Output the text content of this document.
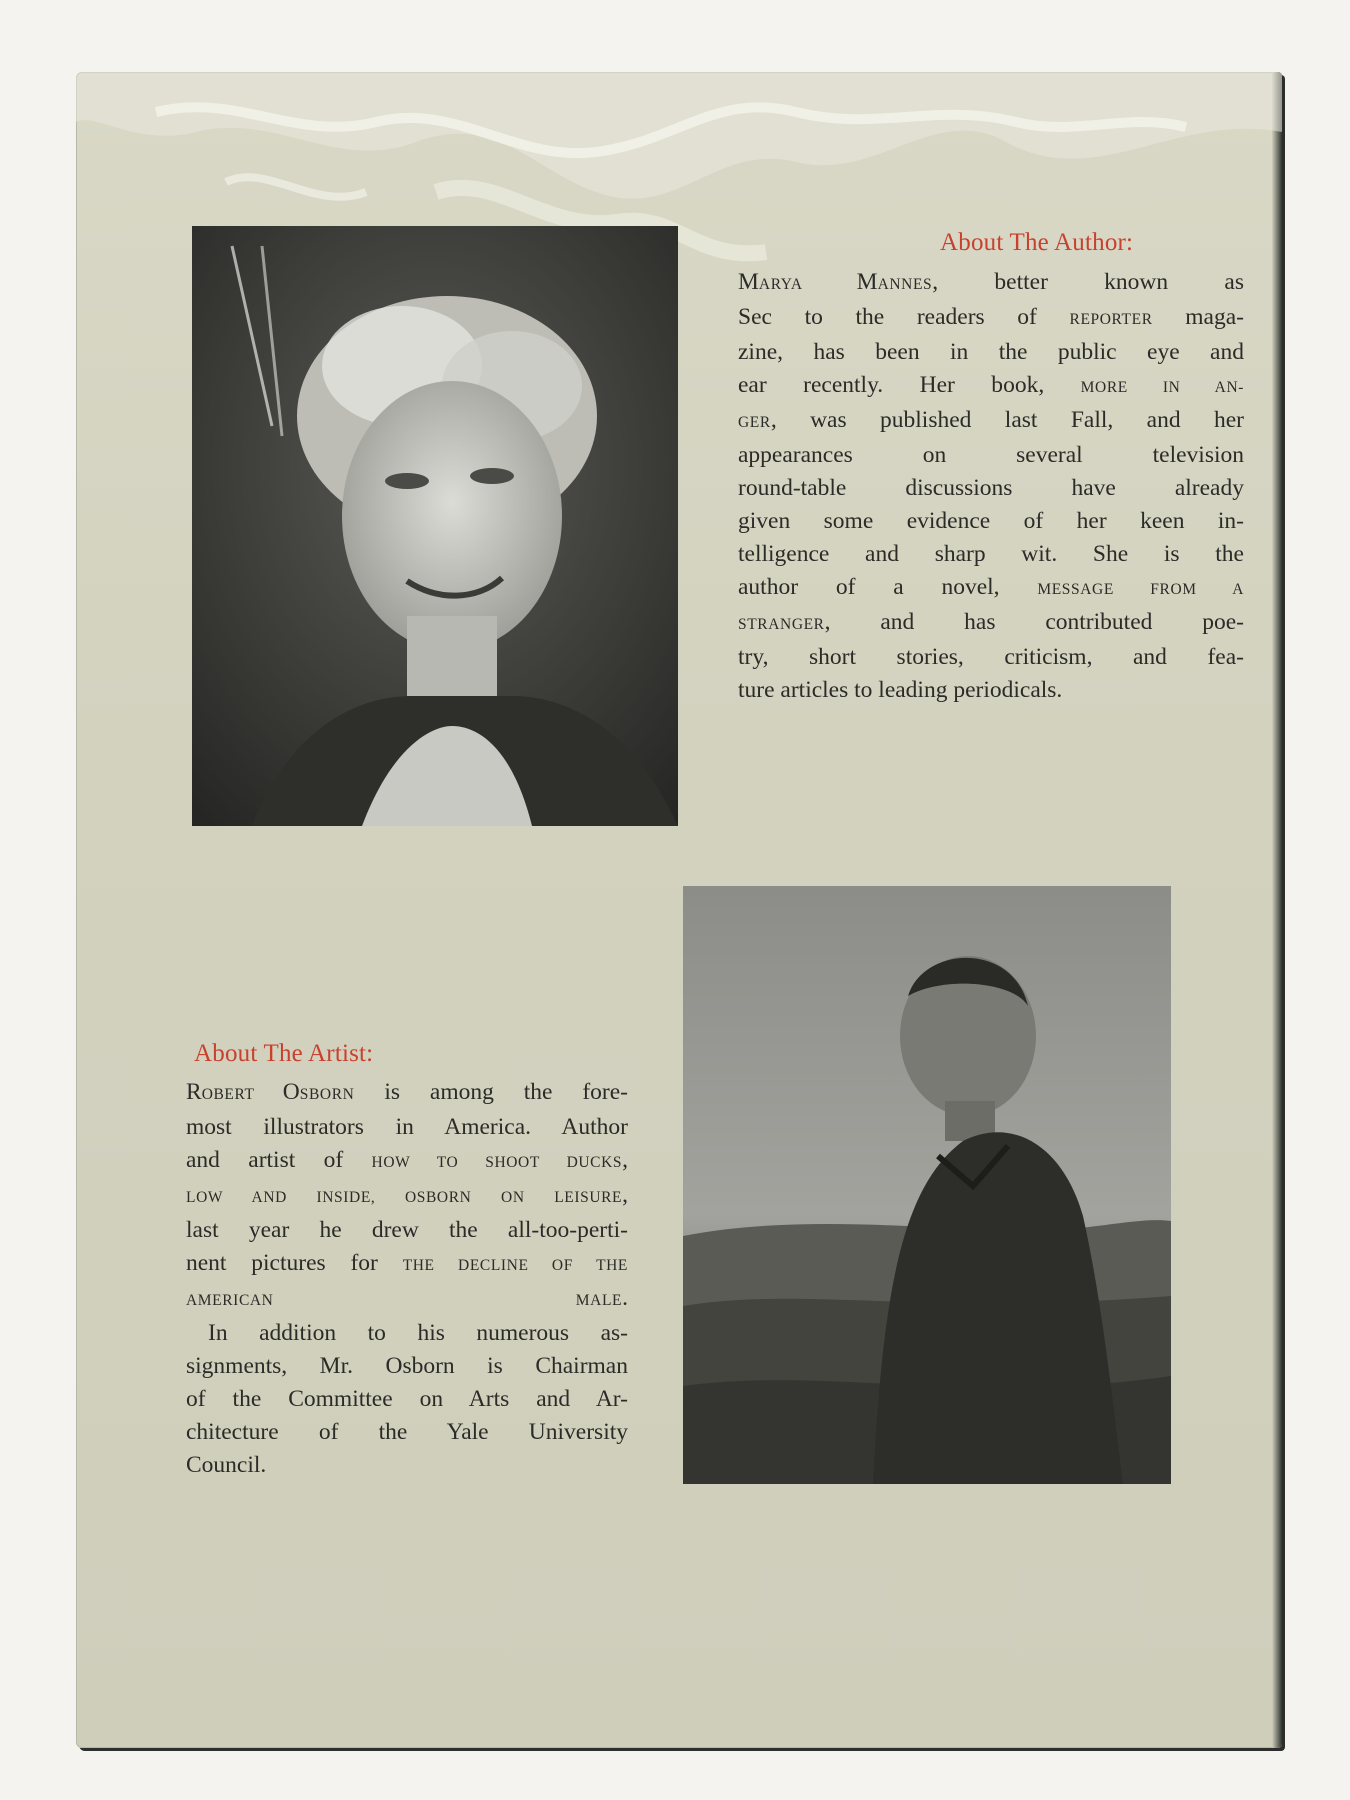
About The Author:
MARYA MANNES, better known as
Sec to the readers of REPORTER maga-
zine, has been in the public eye and
ear recently. Her book, MORE IN AN-
GER, was published last Fall, and her
appearances on several television
round-table discussions have already
given some evidence of her keen in-
telligence and sharp wit. She is the
author of a novel, MESSAGE FROM A
STRANGER, and has contributed poe-
try, short stories, criticism, and fea-
ture articles to leading periodicals.
About The Artist:
ROBERT OSBORN is among the fore-
most illustrators in America. Author
and artist of HOW TO SHOOT DUCKS,
LOW AND INSIDE, OSBORN ON LEISURE,
last year he drew the all-too-perti-
nent pictures for THE DECLINE OF THE
AMERICAN MALE.
In addition to his numerous as-
signments, Mr. Osborn is Chairman
of the Committee on Arts and Ar-
chitecture of the Yale University
Council.
